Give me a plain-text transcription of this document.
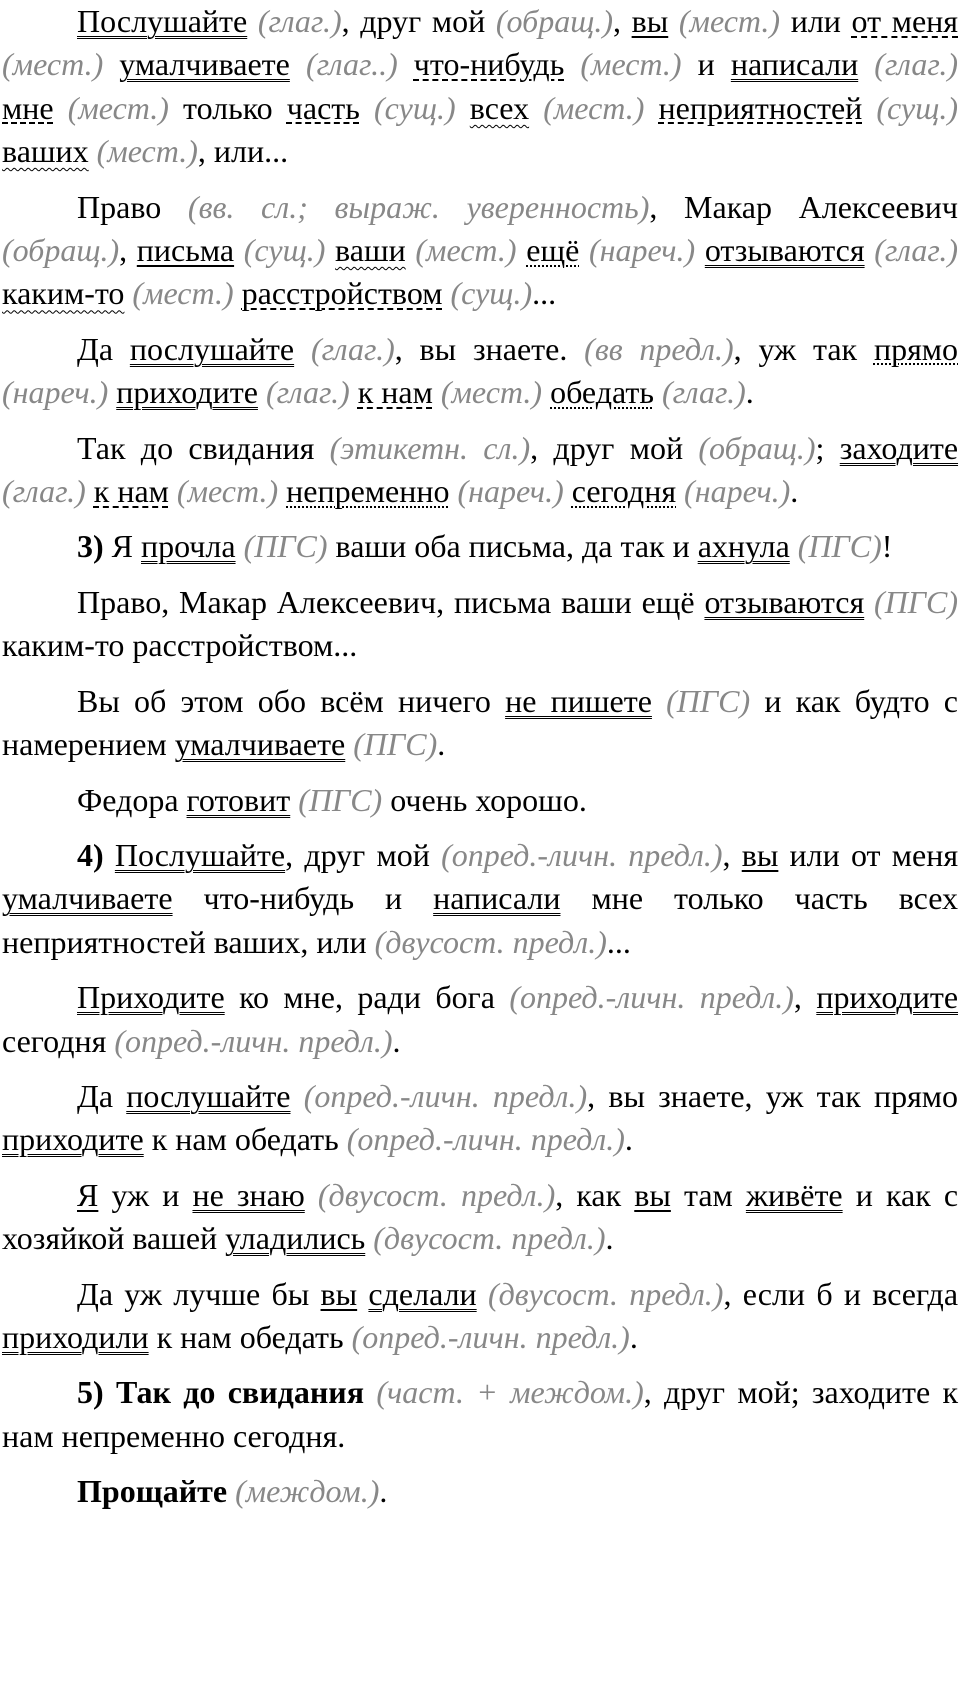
Послушайте (глаг.), друг мой (обращ.), вы (мест.) или от меня (мест.) умалчиваете (глаг..) что-нибудь (мест.) и написали (глаг.) мне (мест.) только часть (сущ.) всех (мест.) неприятностей (сущ.) ваших (мест.), или...

Право (вв. сл.; выраж. уверенность), Макар Алексеевич (обращ.), письма (сущ.) ваши (мест.) ещё (нареч.) отзываются (глаг.) каким-то (мест.) расстройством (сущ.)...

Да послушайте (глаг.), вы знаете. (вв предл.), уж так прямо (нареч.) приходите (глаг.) к нам (мест.) обедать (глаг.).

Так до свидания (этикетн. сл.), друг мой (обращ.); заходите (глаг.) к нам (мест.) непременно (нареч.) сегодня (нареч.).

3) Я прочла (ПГС) ваши оба письма, да так и ахнула (ПГС)!

Право, Макар Алексеевич, письма ваши ещё отзываются (ПГС) каким-то расстройством...

Вы об этом обо всём ничего не пишете (ПГС) и как будто с намерением умалчиваете (ПГС).

Федора готовит (ПГС) очень хорошо.

4) Послушайте, друг мой (опред.-личн. предл.), вы или от меня умалчиваете что-нибудь и написали мне только часть всех неприятностей ваших, или (двусост. предл.)...

Приходите ко мне, ради бога (опред.-личн. предл.), приходите сегодня (опред.-личн. предл.).

Да послушайте (опред.-личн. предл.), вы знаете, уж так прямо приходите к нам обедать (опред.-личн. предл.).

Я уж и не знаю (двусост. предл.), как вы там живёте и как с хозяйкой вашей уладились (двусост. предл.).

Да уж лучше бы вы сделали (двусост. предл.), если б и всегда приходили к нам обедать (опред.-личн. предл.).

5) Так до свидания (част. + междом.), друг мой; заходите к нам непременно сегодня.

Прощайте (междом.).
